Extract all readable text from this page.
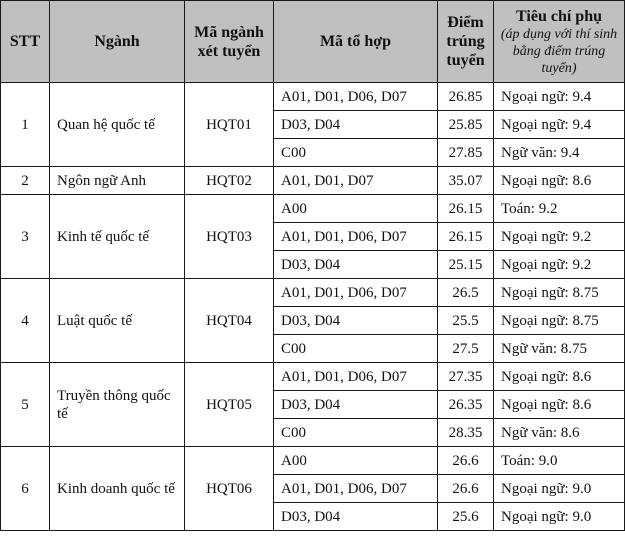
STT	Ngành	Mã ngành xét tuyển	Mã tổ hợp	Điểm trúng tuyển	Tiêu chí phụ
(áp dụng với thí sinh bằng điểm trúng tuyển)

1	Quan hệ quốc tế	HQT01	A01, D01, D06, D07	26.85	Ngoại ngữ: 9.4
			D03, D04	25.85	Ngoại ngữ: 9.4
			C00	27.85	Ngữ văn: 9.4
2	Ngôn ngữ Anh	HQT02	A01, D01, D07	35.07	Ngoại ngữ: 8.6
3	Kinh tế quốc tế	HQT03	A00	26.15	Toán: 9.2
			A01, D01, D06, D07	26.15	Ngoại ngữ: 9.2
			D03, D04	25.15	Ngoại ngữ: 9.2
4	Luật quốc tế	HQT04	A01, D01, D06, D07	26.5	Ngoại ngữ: 8.75
			D03, D04	25.5	Ngoại ngữ: 8.75
			C00	27.5	Ngữ văn: 8.75
5	Truyền thông quốc tế	HQT05	A01, D01, D06, D07	27.35	Ngoại ngữ: 8.6
			D03, D04	26.35	Ngoại ngữ: 8.6
			C00	28.35	Ngữ văn: 8.6
6	Kinh doanh quốc tế	HQT06	A00	26.6	Toán: 9.0
			A01, D01, D06, D07	26.6	Ngoại ngữ: 9.0
			D03, D04	25.6	Ngoại ngữ: 9.0
